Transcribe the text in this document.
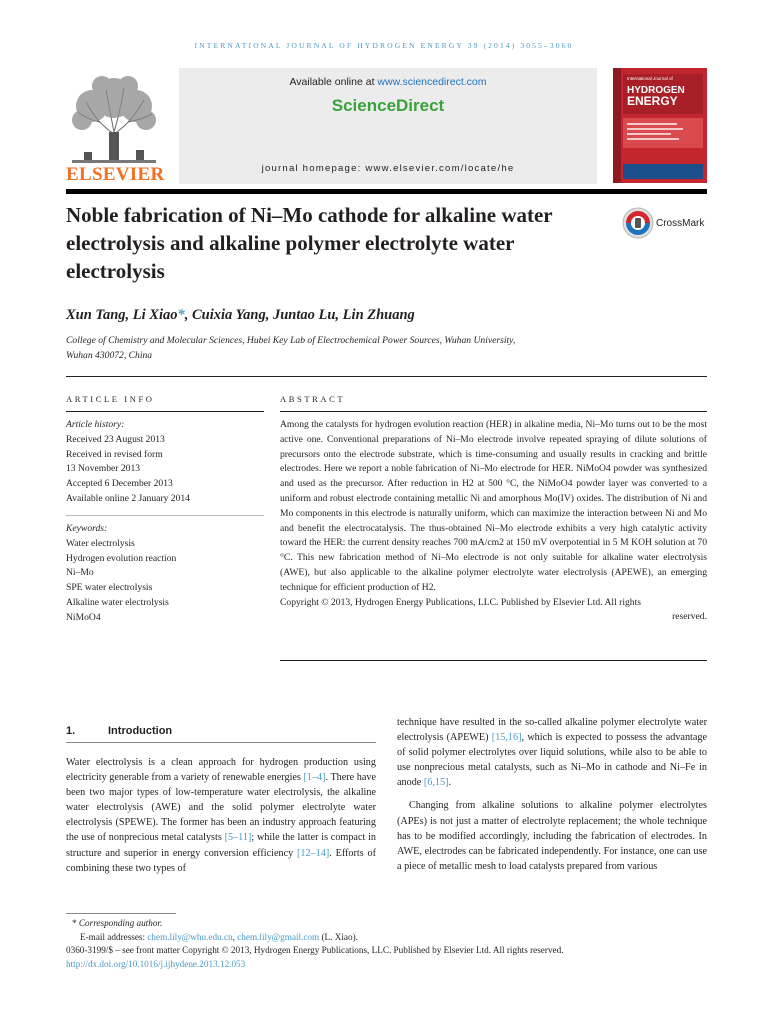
INTERNATIONAL JOURNAL OF HYDROGEN ENERGY 39 (2014) 3055–3060
ELSEVIER
Available online at www.sciencedirect.com
ScienceDirect
journal homepage: www.elsevier.com/locate/he
International Journal of
HYDROGEN
ENERGY
Noble fabrication of Ni–Mo cathode for alkaline water electrolysis and alkaline polymer electrolyte water electrolysis
CrossMark
Xun Tang, Li Xiao*, Cuixia Yang, Juntao Lu, Lin Zhuang
College of Chemistry and Molecular Sciences, Hubei Key Lab of Electrochemical Power Sources, Wuhan University,
Wuhan 430072, China
ARTICLE INFO
Article history:
Received 23 August 2013
Received in revised form
13 November 2013
Accepted 6 December 2013
Available online 2 January 2014
Keywords:
Water electrolysis
Hydrogen evolution reaction
Ni–Mo
SPE water electrolysis
Alkaline water electrolysis
NiMoO4
ABSTRACT

Among the catalysts for hydrogen evolution reaction (HER) in alkaline media, Ni–Mo turns out to be the most active one. Conventional preparations of Ni–Mo electrode involve repeated spraying of dilute solutions of precursors onto the electrode substrate, which is time-consuming and usually results in cracking and brittle electrodes. Here we report a noble fabrication of Ni–Mo electrode for HER. NiMoO4 powder was synthesized and used as the precursor. After reduction in H2 at 500 °C, the NiMoO4 powder layer was converted to a uniform and robust electrode containing metallic Ni and amorphous Mo(IV) oxides. The distribution of Ni and Mo components in this electrode is naturally uniform, which can maximize the interaction between Ni and Mo and benefit the electrocatalysis. The thus-obtained Ni–Mo electrode exhibits a very high catalytic activity toward the HER: the current density reaches 700 mA/cm2 at 150 mV overpotential in 5 M KOH solution at 70 °C. This new fabrication method of Ni–Mo electrode is not only suitable for alkaline water electrolysis (AWE), but also applicable to the alkaline polymer electrolyte water electrolysis (APEWE), an emerging technique for efficient production of H2.

Copyright © 2013, Hydrogen Energy Publications, LLC. Published by Elsevier Ltd. All rights

reserved.

1.	Introduction

Water electrolysis is a clean approach for hydrogen production using electricity generable from a variety of renewable energies [1–4]. There have been two major types of low-temperature water electrolysis, the alkaline water electrolysis (AWE) and the solid polymer electrolyte water electrolysis (SPEWE). The former has been an industry approach featuring the use of nonprecious metal catalysts [5–11]; while the latter is compact in structure and superior in energy conversion efficiency [12–14]. Efforts of combining these two types of

technique have resulted in the so-called alkaline polymer electrolyte water electrolysis (APEWE) [15,16], which is expected to possess the advantage of solid polymer electrolytes over liquid solutions, while also to be able to use nonprecious metal catalysts, such as Ni–Mo in cathode and Ni–Fe in anode [6,15].

Changing from alkaline solutions to alkaline polymer electrolytes (APEs) is not just a matter of electrolyte replacement; the whole technique has to be modified accordingly, including the fabrication of electrodes. In AWE, electrodes can be fabricated independently. For instance, one can use a piece of metallic mesh to load catalysts prepared from various

* Corresponding author.
E-mail addresses: chem.lily@whu.edu.cn, chem.lily@gmail.com (L. Xiao).
0360-3199/$ – see front matter Copyright © 2013, Hydrogen Energy Publications, LLC. Published by Elsevier Ltd. All rights reserved.
http://dx.doi.org/10.1016/j.ijhydene.2013.12.053
